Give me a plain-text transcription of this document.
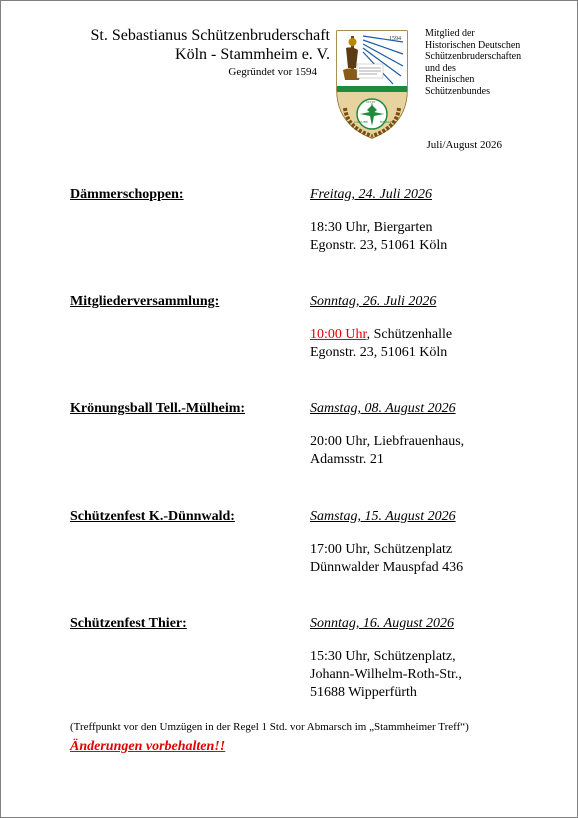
St. Sebastianus Schützenbruderschaft
Köln - Stammheim e. V.
Gegründet vor 1594
1594
GLAUBE
SITTE
HEIMAT
Mitglied der
Historischen Deutschen
Schützenbruderschaften
und des
Rheinischen
Schützenbundes
Juli/August 2026
Dämmerschoppen:	Freitag, 24. Juli 2026
18:30 Uhr, Biergarten
Egonstr. 23, 51061 Köln
Mitgliederversammlung:	Sonntag, 26. Juli 2026
10:00 Uhr, Schützenhalle
Egonstr. 23, 51061 Köln
Krönungsball Tell.-Mülheim:	Samstag, 08. August 2026
20:00 Uhr, Liebfrauenhaus,
Adamsstr. 21
Schützenfest K.-Dünnwald:	Samstag, 15. August 2026
17:00 Uhr, Schützenplatz
Dünnwalder Mauspfad 436
Schützenfest Thier:	Sonntag, 16. August 2026
15:30 Uhr, Schützenplatz,
Johann-Wilhelm-Roth-Str.,
51688 Wipperfürth
(Treffpunkt vor den Umzügen in der Regel 1 Std. vor Abmarsch im „Stammheimer Treff“)
Änderungen vorbehalten!!
